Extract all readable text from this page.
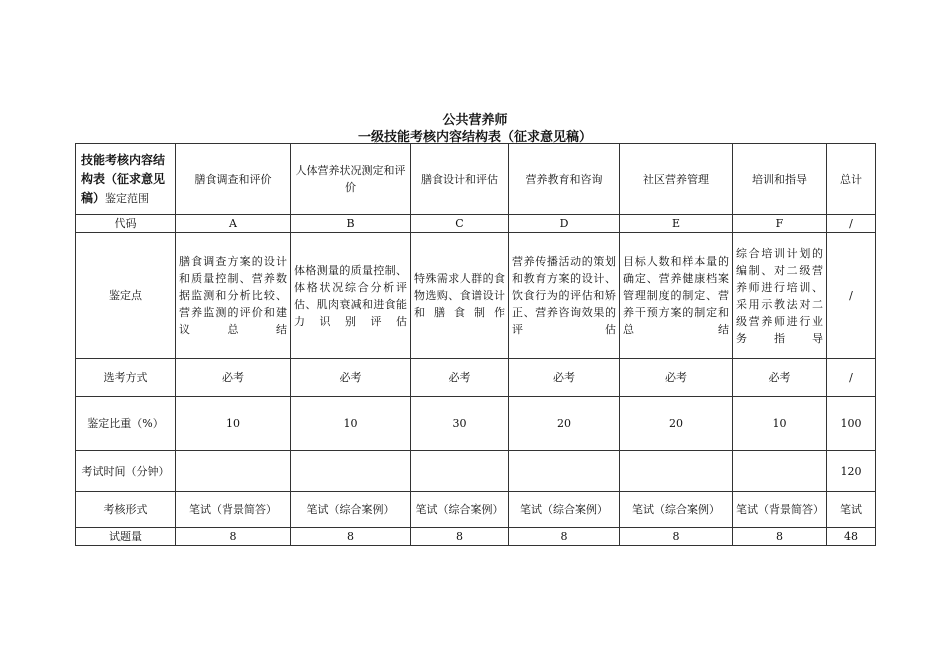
公共营养师
一级技能考核内容结构表（征求意见稿）
技能考核内容结构表（征求意见稿）鉴定范围	膳食调查和评价	人体营养状况测定和评价	膳食设计和评估	营养教育和咨询	社区营养管理	培训和指导	总计
代码	A	B	C	D	E	F	/
鉴定点	膳食调查方案的设计和质量控制、营养数据监测和分析比较、营养监测的评价和建议总结	体格测量的质量控制、体格状况综合分析评估、肌肉衰减和进食能力识别评估	特殊需求人群的食物选购、食谱设计和膳食制作	营养传播活动的策划和教育方案的设计、饮食行为的评估和矫正、营养咨询效果的评估	目标人数和样本量的确定、营养健康档案管理制度的制定、营养干预方案的制定和总结	综合培训计划的编制、对二级营养师进行培训、采用示教法对二级营养师进行业务指导	/
选考方式	必考	必考	必考	必考	必考	必考	/
鉴定比重（%）	10	10	30	20	20	10	100
考试时间（分钟）							120
考核形式	笔试（背景简答）	笔试（综合案例）	笔试（综合案例）	笔试（综合案例）	笔试（综合案例）	笔试（背景简答）	笔试
试题量	8	8	8	8	8	8	48
